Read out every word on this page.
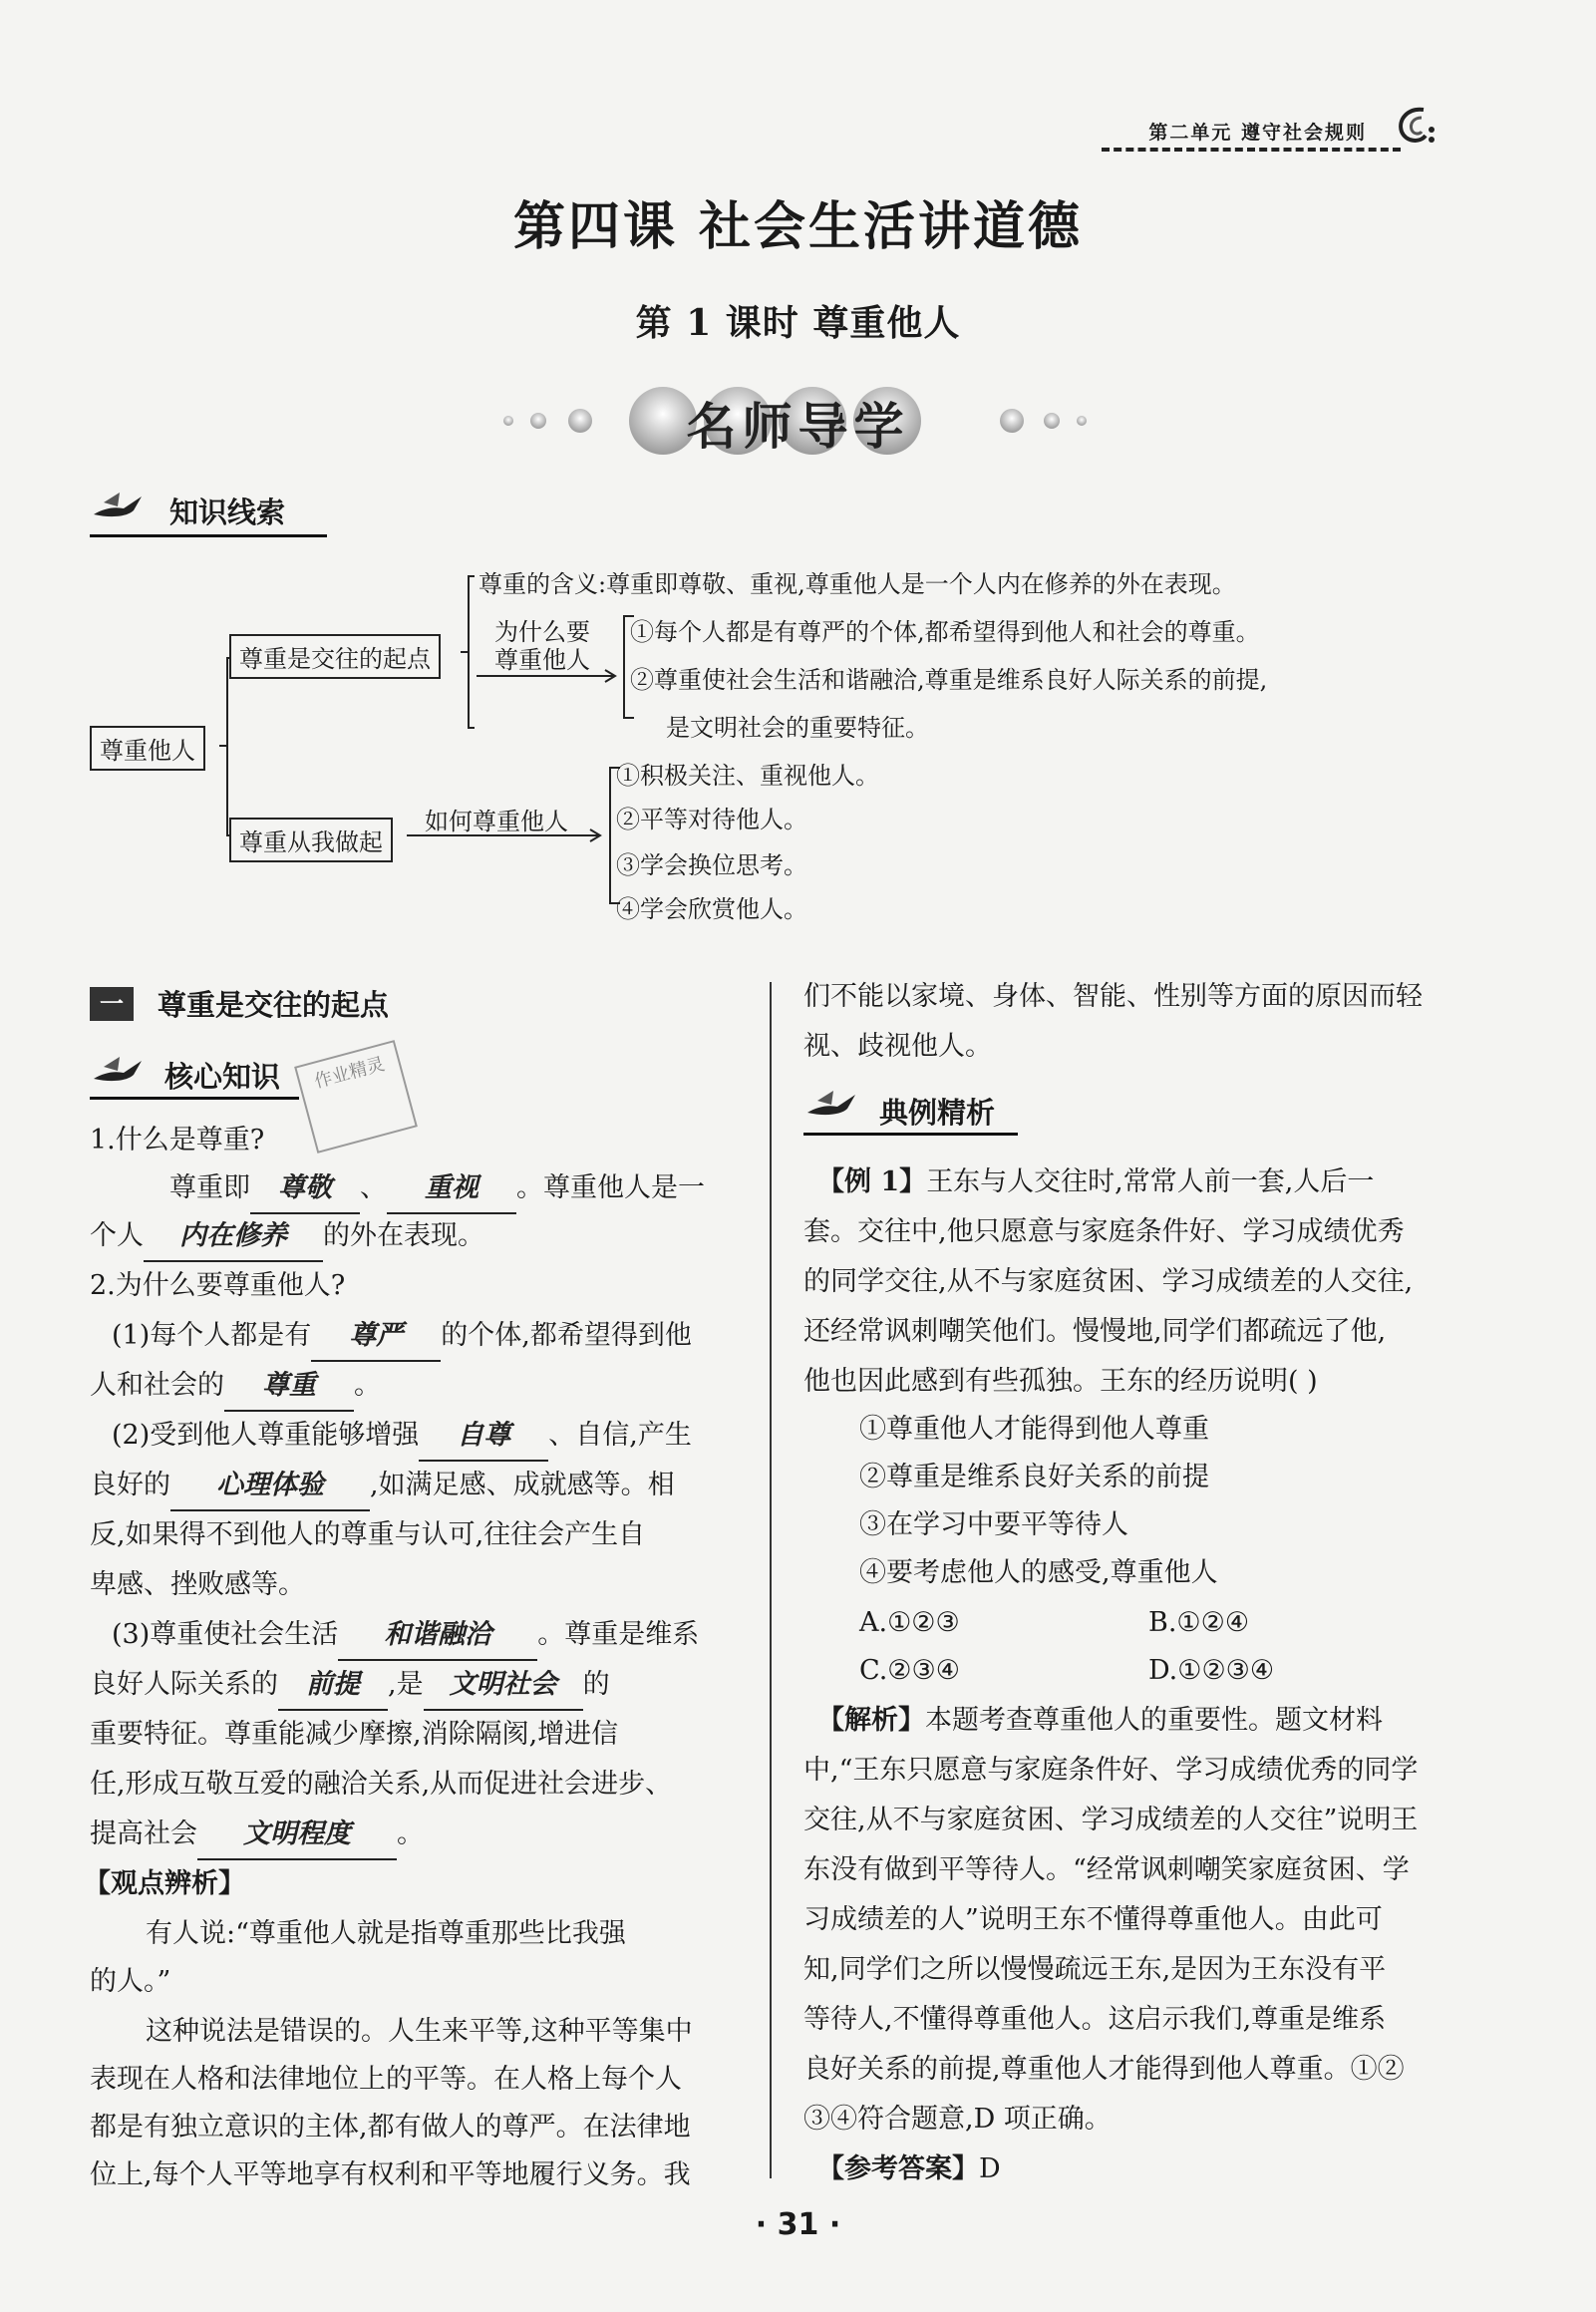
第二单元 遵守社会规则
第四课 社会生活讲道德
第 1 课时 尊重他人
名师导学
知识线索
尊重他人
尊重是交往的起点
尊重从我做起
尊重的含义:尊重即尊敬、重视,尊重他人是一个人内在修养的外在表现。
为什么要
尊重他人
①每个人都是有尊严的个体,都希望得到他人和社会的尊重。
②尊重使社会生活和谐融洽,尊重是维系良好人际关系的前提,
是文明社会的重要特征。
如何尊重他人
①积极关注、重视他人。
②平等对待他人。
③学会换位思考。
④学会欣赏他人。
一	尊重是交往的起点
核心知识	作业精灵
1.什么是尊重?
尊重即 尊敬 、 重视 。尊重他人是一
个人 内在修养 的外在表现。
2.为什么要尊重他人?
(1)每个人都是有 尊严 的个体,都希望得到他
人和社会的 尊重 。
(2)受到他人尊重能够增强 自尊 、自信,产生
良好的 心理体验 ,如满足感、成就感等。相
反,如果得不到他人的尊重与认可,往往会产生自
卑感、挫败感等。
(3)尊重使社会生活 和谐融洽 。尊重是维系
良好人际关系的 前提 ,是 文明社会 的
重要特征。尊重能减少摩擦,消除隔阂,增进信
任,形成互敬互爱的融洽关系,从而促进社会进步、
提高社会 文明程度 。
【观点辨析】
有人说:“尊重他人就是指尊重那些比我强
的人。”
这种说法是错误的。人生来平等,这种平等集中
表现在人格和法律地位上的平等。在人格上每个人
都是有独立意识的主体,都有做人的尊严。在法律地
位上,每个人平等地享有权利和平等地履行义务。我
们不能以家境、身体、智能、性别等方面的原因而轻
视、歧视他人。
典例精析
【例 1】王东与人交往时,常常人前一套,人后一
套。交往中,他只愿意与家庭条件好、学习成绩优秀
的同学交往,从不与家庭贫困、学习成绩差的人交往,
还经常讽刺嘲笑他们。慢慢地,同学们都疏远了他,
他也因此感到有些孤独。王东的经历说明( )
①尊重他人才能得到他人尊重
②尊重是维系良好关系的前提
③在学习中要平等待人
④要考虑他人的感受,尊重他人
A.①②③	B.①②④
C.②③④	D.①②③④
【解析】本题考查尊重他人的重要性。题文材料
中,“王东只愿意与家庭条件好、学习成绩优秀的同学
交往,从不与家庭贫困、学习成绩差的人交往”说明王
东没有做到平等待人。“经常讽刺嘲笑家庭贫困、学
习成绩差的人”说明王东不懂得尊重他人。由此可
知,同学们之所以慢慢疏远王东,是因为王东没有平
等待人,不懂得尊重他人。这启示我们,尊重是维系
良好关系的前提,尊重他人才能得到他人尊重。①②
③④符合题意,D 项正确。
【参考答案】D
· 31 ·
